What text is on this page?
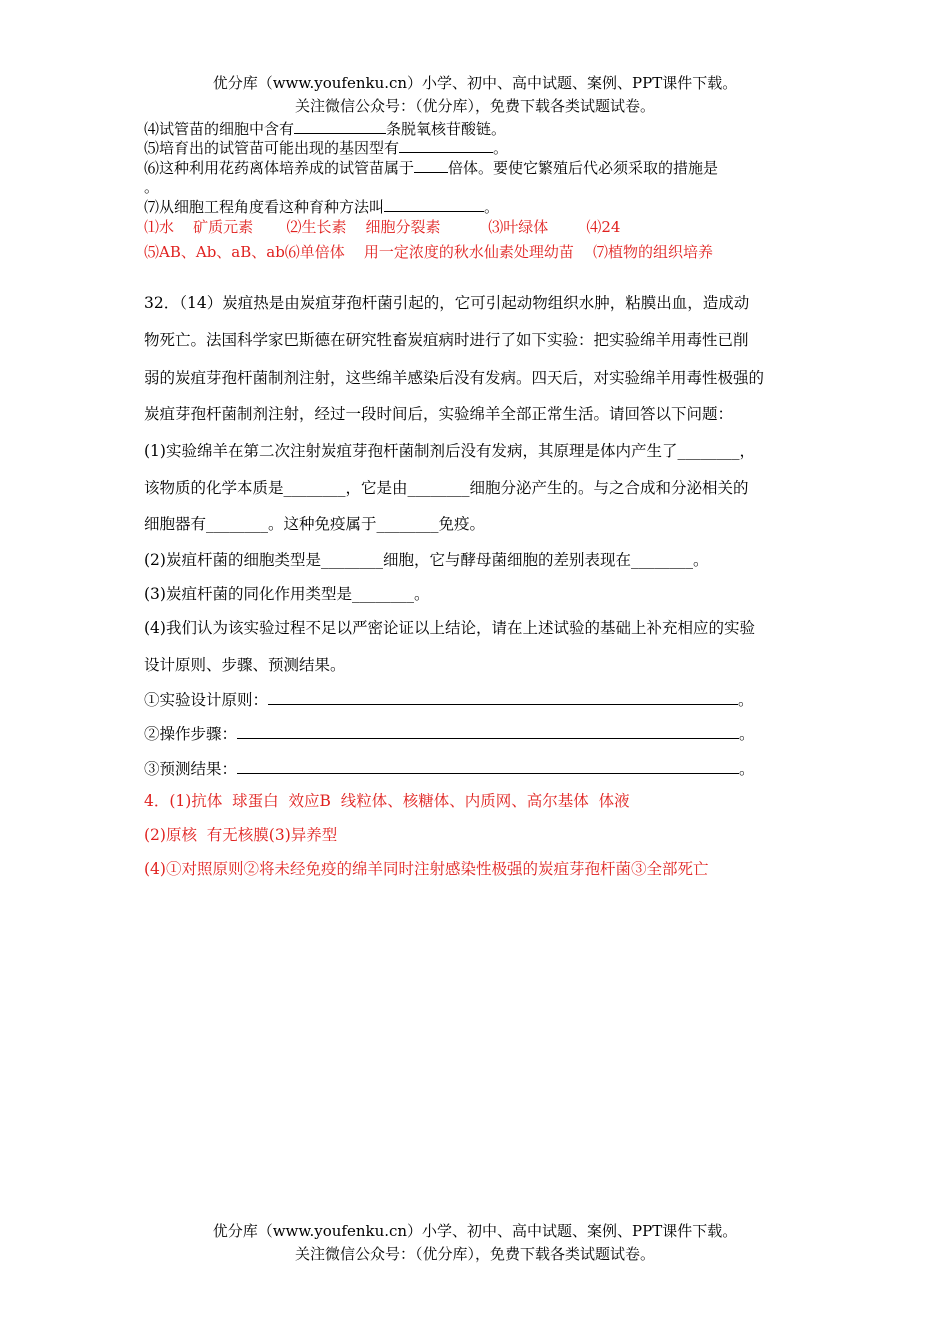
优分库（www.youfenku.cn）小学、初中、高中试题、案例、PPT课件下载。
关注微信公众号：（优分库），免费下载各类试题试卷。
⑷试管苗的细胞中含有	条脱氧核苷酸链。
⑸培育出的试管苗可能出现的基因型有	。
⑹这种利用花药离体培养成的试管苗属于 倍体。要使它繁殖后代必须采取的措施是
。
⑺从细胞工程角度看这种育种方法叫	。
⑴水    矿质元素       ⑵生长素    细胞分裂素          ⑶叶绿体        ⑷24
⑸AB、Ab、aB、ab⑹单倍体    用一定浓度的秋水仙素处理幼苗    ⑺植物的组织培养
32．（14）炭疽热是由炭疽芽孢杆菌引起的，它可引起动物组织水肿，粘膜出血，造成动
物死亡。法国科学家巴斯德在研究牲畜炭疽病时进行了如下实验：把实验绵羊用毒性已削
弱的炭疽芽孢杆菌制剂注射，这些绵羊感染后没有发病。四天后，对实验绵羊用毒性极强的
炭疽芽孢杆菌制剂注射，经过一段时间后，实验绵羊全部正常生活。请回答以下问题：
(1)实验绵羊在第二次注射炭疽芽孢杆菌制剂后没有发病，其原理是体内产生了________，
该物质的化学本质是________，它是由________细胞分泌产生的。与之合成和分泌相关的
细胞器有________。这种免疫属于________免疫。
(2)炭疽杆菌的细胞类型是________细胞，它与酵母菌细胞的差别表现在________。
(3)炭疽杆菌的同化作用类型是________。
(4)我们认为该实验过程不足以严密论证以上结论，请在上述试验的基础上补充相应的实验
设计原则、步骤、预测结果。
①实验设计原则：	。
②操作步骤：	。
③预测结果：	。
4．(1)抗体  球蛋白  效应B  线粒体、核糖体、内质网、高尔基体  体液
(2)原核  有无核膜(3)异养型
(4)①对照原则②将未经免疫的绵羊同时注射感染性极强的炭疽芽孢杆菌③全部死亡
优分库（www.youfenku.cn）小学、初中、高中试题、案例、PPT课件下载。
关注微信公众号：（优分库），免费下载各类试题试卷。
